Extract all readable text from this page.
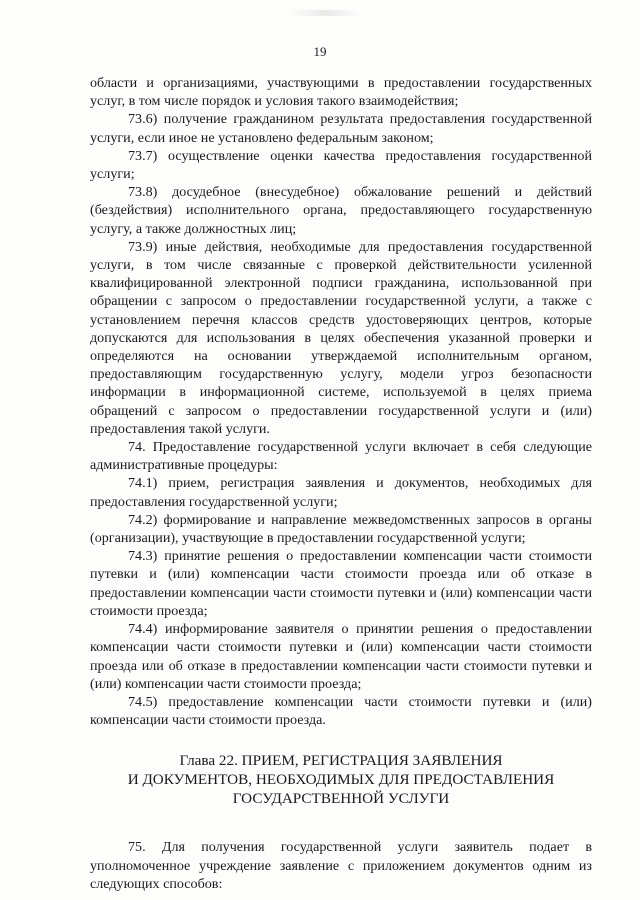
19

области и организациями, участвующими в предоставлении государственных услуг, в том числе порядок и условия такого взаимодействия;

73.6) получение гражданином результата предоставления государственной услуги, если иное не установлено федеральным законом;

73.7) осуществление оценки качества предоставления государственной услуги;

73.8) досудебное (внесудебное) обжалование решений и действий (бездействия) исполнительного органа, предоставляющего государственную услугу, а также должностных лиц;

73.9) иные действия, необходимые для предоставления государственной услуги, в том числе связанные с проверкой действительности усиленной квалифицированной электронной подписи гражданина, использованной при обращении с запросом о предоставлении государственной услуги, а также с установлением перечня классов средств удостоверяющих центров, которые допускаются для использования в целях обеспечения указанной проверки и определяются на основании утверждаемой исполнительным органом, предоставляющим государственную услугу, модели угроз безопасности информации в информационной системе, используемой в целях приема обращений с запросом о предоставлении государственной услуги и (или) предоставления такой услуги.

74. Предоставление государственной услуги включает в себя следующие административные процедуры:

74.1) прием, регистрация заявления и документов, необходимых для предоставления государственной услуги;

74.2) формирование и направление межведомственных запросов в органы (организации), участвующие в предоставлении государственной услуги;

74.3) принятие решения о предоставлении компенсации части стоимости путевки и (или) компенсации части стоимости проезда или об отказе в предоставлении компенсации части стоимости путевки и (или) компенсации части стоимости проезда;

74.4) информирование заявителя о принятии решения о предоставлении компенсации части стоимости путевки и (или) компенсации части стоимости проезда или об отказе в предоставлении компенсации части стоимости путевки и (или) компенсации части стоимости проезда;

74.5) предоставление компенсации части стоимости путевки и (или) компенсации части стоимости проезда.

Глава 22. ПРИЕМ, РЕГИСТРАЦИЯ ЗАЯВЛЕНИЯ
И ДОКУМЕНТОВ, НЕОБХОДИМЫХ ДЛЯ ПРЕДОСТАВЛЕНИЯ
ГОСУДАРСТВЕННОЙ УСЛУГИ

75. Для получения государственной услуги заявитель подает в уполномоченное учреждение заявление с приложением документов одним из следующих способов:
